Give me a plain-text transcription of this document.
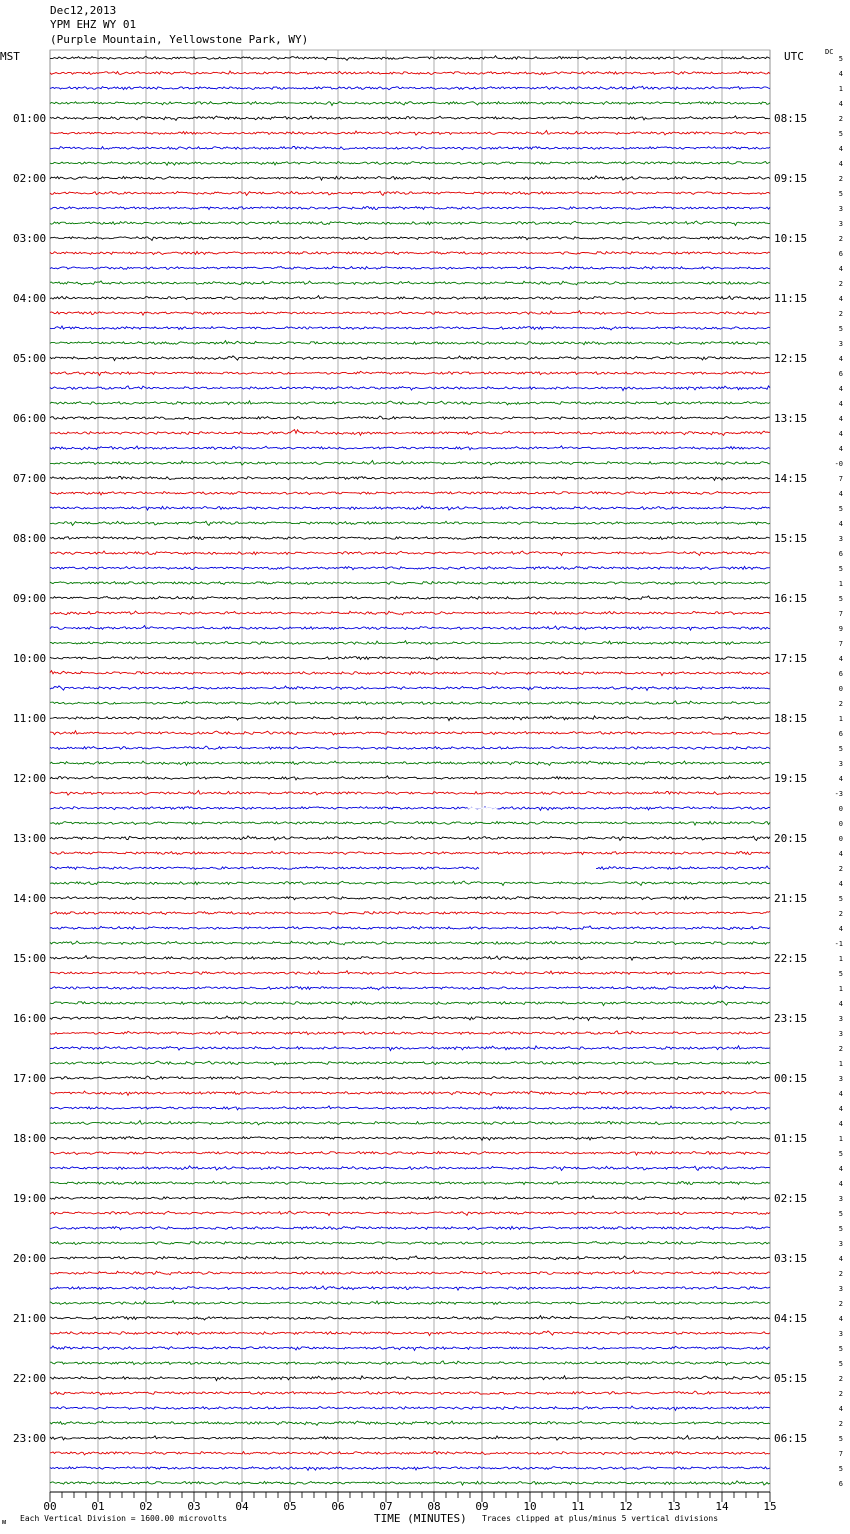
Dec12,2013
YPM EHZ WY 01
(Purple Mountain, Yellowstone Park, WY)
MST	UTC	DC
00	01	02	03	04	05	06	07	08	09	10	11	12	13	14	15
5
4
1
4
2
5
4
4
2
5
3
3
2
6
4
2
4
2
5
3
4
6
4
4
4
4
4
-0
7
4
5
4
3
6
5
1
5
7
9
7
4
6
0
2
1
6
5
3
4
-3
0
0
0
4
2
4
5
2
4
-1
1
5
1
4
3
3
2
1
3
4
4
4
1
5
4
4
3
5
5
3
4
2
3
2
4
3
5
5
2
2
4
2
5
7
5
6
01:00	08:15
02:00	09:15
03:00	10:15
04:00	11:15
05:00	12:15
06:00	13:15
07:00	14:15
08:00	15:15
09:00	16:15
10:00	17:15
11:00	18:15
12:00	19:15
13:00	20:15
14:00	21:15
15:00	22:15
16:00	23:15
17:00	00:15
18:00	01:15
19:00	02:15
20:00	03:15
21:00	04:15
22:00	05:15
23:00	06:15
ᴍ Each Vertical Division = 1600.00 microvolts	TIME (MINUTES) Traces clipped at plus/minus 5 vertical divisions
